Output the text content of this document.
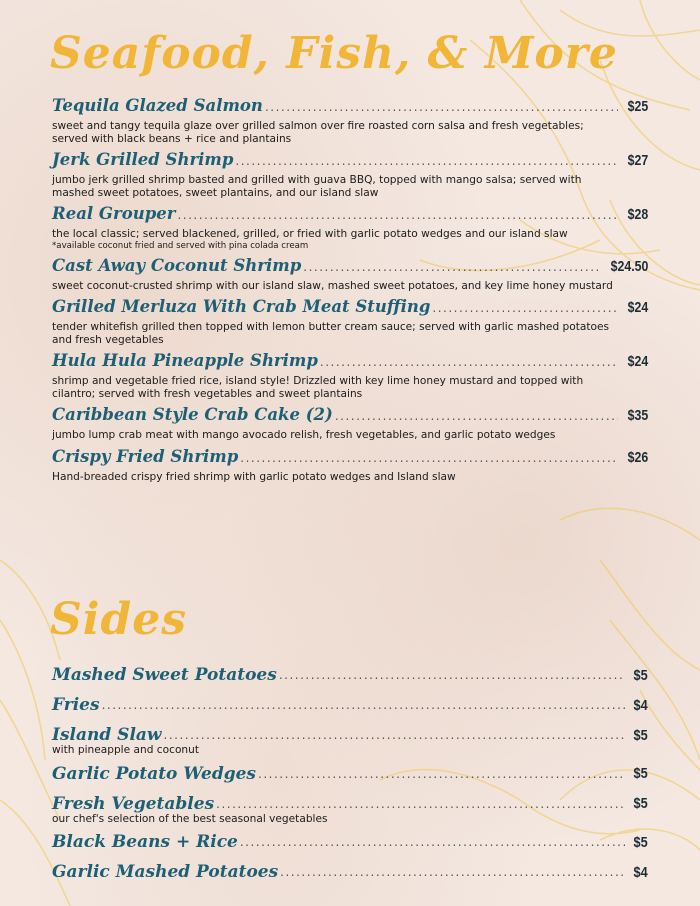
Seafood, Fish, & More
Tequila Glazed Salmon .....	$25

sweet and tangy tequila glaze over grilled salmon over fire roasted corn salsa and fresh vegetables; served with black beans + rice and plantains

Jerk Grilled Shrimp .....	$27

jumbo jerk grilled shrimp basted and grilled with guava BBQ, topped with mango salsa; served with mashed sweet potatoes, sweet plantains, and our island slaw

Real Grouper .....	$28

the local classic; served blackened, grilled, or fried with garlic potato wedges and our island slaw

*available coconut fried and served with pina colada cream

Cast Away Coconut Shrimp .....	$24.50

sweet coconut-crusted shrimp with our island slaw, mashed sweet potatoes, and key lime honey mustard

Grilled Merluza With Crab Meat Stuffing .....	$24

tender whitefish grilled then topped with lemon butter cream sauce; served with garlic mashed potatoes and fresh vegetables

Hula Hula Pineapple Shrimp .....	$24

shrimp and vegetable fried rice, island style! Drizzled with key lime honey mustard and topped with cilantro; served with fresh vegetables and sweet plantains

Caribbean Style Crab Cake (2) .....	$35

jumbo lump crab meat with mango avocado relish, fresh vegetables, and garlic potato wedges

Crispy Fried Shrimp .....	$26

Hand-breaded crispy fried shrimp with garlic potato wedges and Island slaw

Sides
Mashed Sweet Potatoes .....	$5
Fries .....	$4
Island Slaw .....	$5

with pineapple and coconut

Garlic Potato Wedges .....	$5
Fresh Vegetables .....	$5

our chef's selection of the best seasonal vegetables

Black Beans + Rice .....	$5
Garlic Mashed Potatoes .....	$4
